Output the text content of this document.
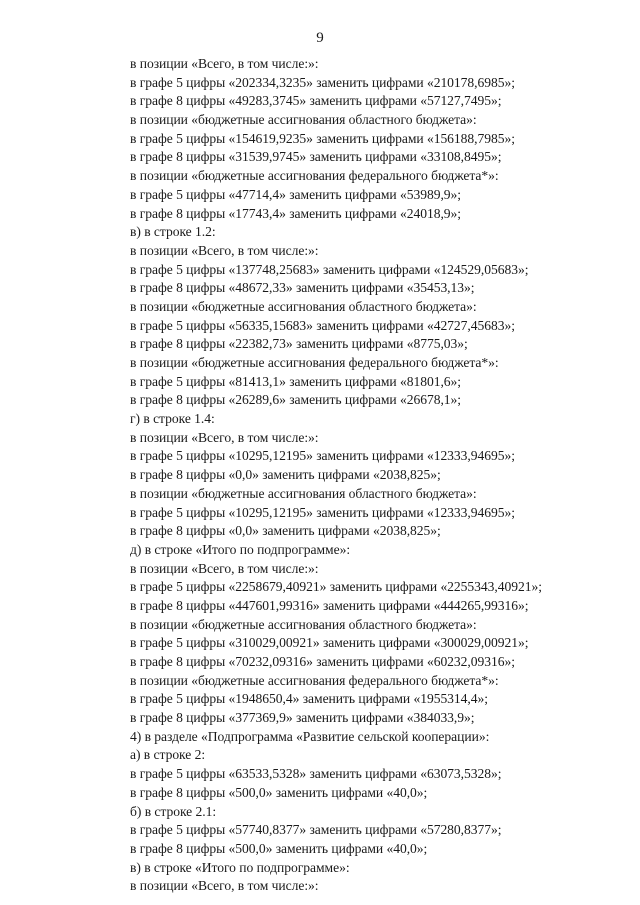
9
в позиции «Всего, в том числе:»:
в графе 5 цифры «202334,3235» заменить цифрами «210178,6985»;
в графе 8 цифры «49283,3745» заменить цифрами «57127,7495»;
в позиции «бюджетные ассигнования областного бюджета»:
в графе 5 цифры «154619,9235» заменить цифрами «156188,7985»;
в графе 8 цифры «31539,9745» заменить цифрами «33108,8495»;
в позиции «бюджетные ассигнования федерального бюджета*»:
в графе 5 цифры «47714,4» заменить цифрами «53989,9»;
в графе 8 цифры «17743,4» заменить цифрами «24018,9»;
в) в строке 1.2:
в позиции «Всего, в том числе:»:
в графе 5 цифры «137748,25683» заменить цифрами «124529,05683»;
в графе 8 цифры «48672,33» заменить цифрами «35453,13»;
в позиции «бюджетные ассигнования областного бюджета»:
в графе 5 цифры «56335,15683» заменить цифрами «42727,45683»;
в графе 8 цифры «22382,73» заменить цифрами «8775,03»;
в позиции «бюджетные ассигнования федерального бюджета*»:
в графе 5 цифры «81413,1» заменить цифрами «81801,6»;
в графе 8 цифры «26289,6» заменить цифрами «26678,1»;
г) в строке 1.4:
в позиции «Всего, в том числе:»:
в графе 5 цифры «10295,12195» заменить цифрами «12333,94695»;
в графе 8 цифры «0,0» заменить цифрами «2038,825»;
в позиции «бюджетные ассигнования областного бюджета»:
в графе 5 цифры «10295,12195» заменить цифрами «12333,94695»;
в графе 8 цифры «0,0» заменить цифрами «2038,825»;
д) в строке «Итого по подпрограмме»:
в позиции «Всего, в том числе:»:
в графе 5 цифры «2258679,40921» заменить цифрами «2255343,40921»;
в графе 8 цифры «447601,99316» заменить цифрами «444265,99316»;
в позиции «бюджетные ассигнования областного бюджета»:
в графе 5 цифры «310029,00921» заменить цифрами «300029,00921»;
в графе 8 цифры «70232,09316» заменить цифрами «60232,09316»;
в позиции «бюджетные ассигнования федерального бюджета*»:
в графе 5 цифры «1948650,4» заменить цифрами «1955314,4»;
в графе 8 цифры «377369,9» заменить цифрами «384033,9»;
4) в разделе «Подпрограмма «Развитие сельской кооперации»:
а) в строке 2:
в графе 5 цифры «63533,5328» заменить цифрами «63073,5328»;
в графе 8 цифры «500,0» заменить цифрами «40,0»;
б) в строке 2.1:
в графе 5 цифры «57740,8377» заменить цифрами «57280,8377»;
в графе 8 цифры «500,0» заменить цифрами «40,0»;
в) в строке «Итого по подпрограмме»:
в позиции «Всего, в том числе:»:
